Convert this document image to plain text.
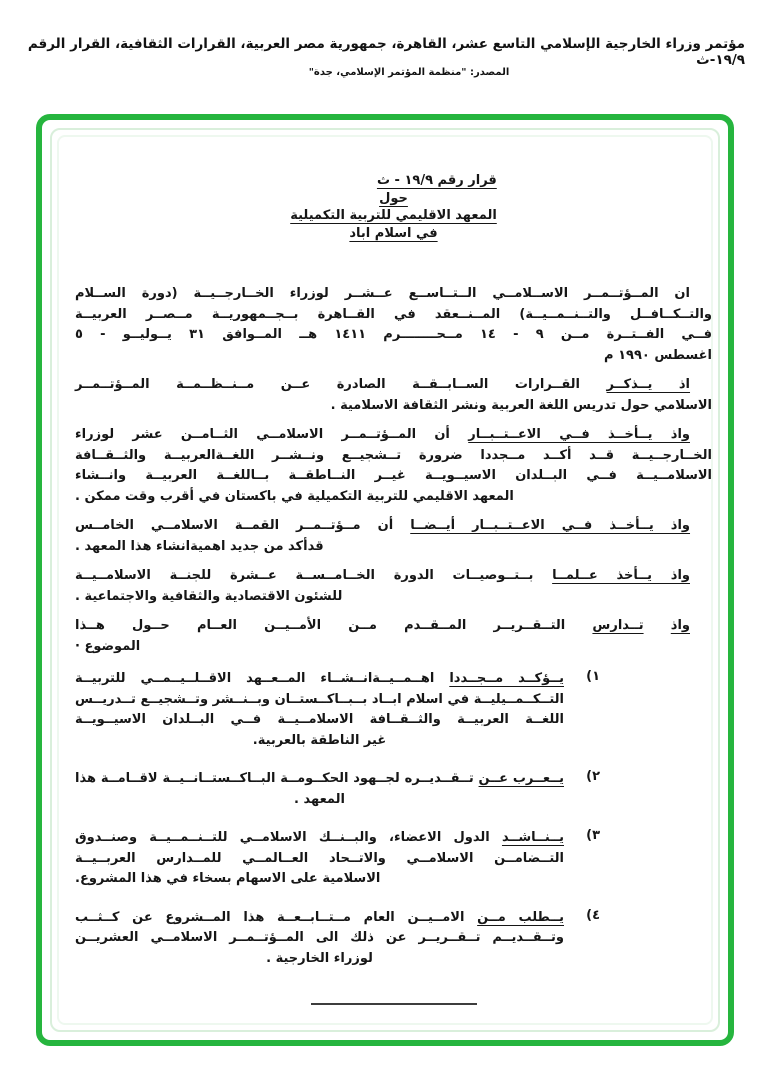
مؤتمر وزراء الخارجية الإسلامي التاسع عشر، القاهرة، جمهورية مصر العربية، القرارات الثقافية، القرار الرقم ١٩/٩-ث
المصدر: "منظمة المؤتمر الإسلامي، جدة"
قرار رقم ١٩/٩ - ث
حول
المعهد الاقليمي للتربية التكميلية
في اسلام اباد
ان المــؤتــمــر الاســلامــي الــتــاســع عــشــر لوزراء الخــارجــيــة (دورة الســلام
والتــكــافــل والتــنــمــيــة) المــنــعقد في القــاهرة بــجــمهوريــة مــصــر العربيــة
فــي الفــتــرة مــن ٩ - ١٤ مــحــــــــرم ١٤١١ هــ المــوافق ٣١ يــوليــو - ٥
اغسطس ١٩٩٠ م
اذ يــذكــر القــرارات الســابــقــة الصادرة عــن مــنــظــمــة المــؤتــمــر
الاسلامي حول تدريس اللغة العربية ونشر الثقافة الاسلامية .
واذ يــأخــذ فــي الاعــتــبــار أن المــؤتــمــر الاسلامــي الثــامــن عشر لوزراء
الخــارجــيــة قــد أكــد مــجددا ضرورة تــشجيــع ونــشــر اللغــةالعربيــة والثــقــافة
الاسلامــيــة فــي البــلدان الاسيــويــة غيــر النــاطقــة بــاللغــة العربيــة وانــشاء
المعهد الاقليمي للتربية التكميلية في باكستان في أقرب وقت ممكن .
واذ يــأخــذ فــي الاعــتــبــار أيــضــا أن مــؤتــمــر القمــة الاسلامــي الخامــس
قدأكد من جديد اهميةانشاء هذا المعهد .
واذ يــأخذ عــلمــا بــتــوصيــات الدورة الخــامــســة عــشرة للجنــة الاسلامــيــة
للشئون الاقتصادية والثقافية والاجتماعية .
واذ تــدارس التــقــريــر المــقــدم مــن الأمــيــن العــام حــول هــذا
الموضوع ·
١)
يــؤكــد مــجــددا اهــمــيــةانــشــاء المــعــهد الاقــلــيــمــي للتربيــة
التــكــمــيليــة في اسلام ابــاد بــبــاكــستــان وبــنــشر وتــشجيــع تــدريــس
اللغــة العربيــة والثــقــافة الاسلامــيــة فــي البــلدان الاسيــويــة
غير الناطقة بالعربية.
٢)
يــعــرب عــن تــقــديــره لجــهود الحكــومــة البــاكــستــانــيــة لاقــامــة هذا
المعهد .
٣)
يــنــاشــد الدول الاعضاء، والبــنــك الاسلامــي للتــنــمــيــة وصنــدوق
التــضامــن الاسلامــي والاتــحاد العــالمــي للمــدارس العربــيــة
الاسلامية على الاسهام بسخاء في هذا المشروع.
٤)
يــطلب مــن الامــيــن العام مــتــابــعــة هذا المــشروع عن كــثــب
وتــقــديــم تــقــريــر عن ذلك الى المــؤتــمــر الاسلامــي العشريــن
لوزراء الخارجية .
